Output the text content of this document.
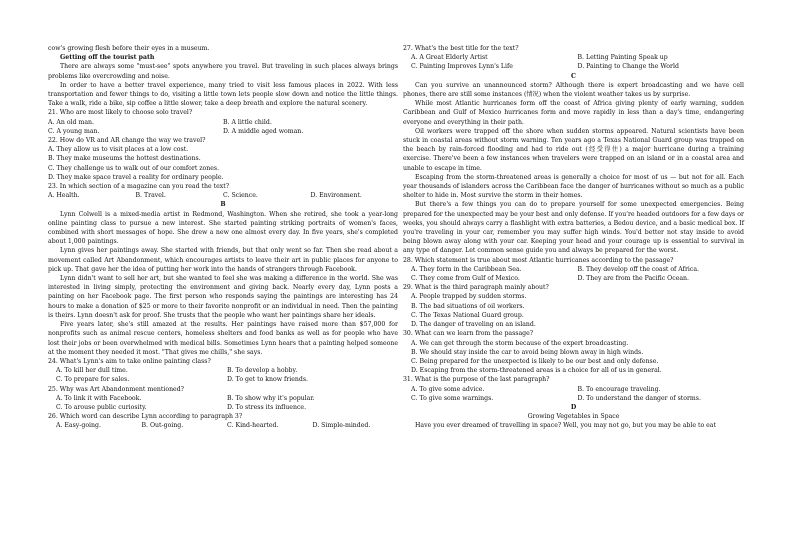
cow's growing flesh before their eyes in a museum.

Getting off the tourist path

There are always some "must-see" spots anywhere you travel. But traveling in such places always brings problems like overcrowding and noise.

In order to have a better travel experience, many tried to visit less famous places in 2022. With less transportation and fewer things to do, visiting a little town lets people slow down and notice the little things. Take a walk, ride a bike, sip coffee a little slower, take a deep breath and explore the natural scenery.

21. Who are most likely to choose solo travel?

A. An old man.	B. A little child.
C. A young man.	D. A middle aged woman.

22. How do VR and AR change the way we travel?

A. They allow us to visit places at a low cost.

B. They make museums the hottest destinations.

C. They challenge us to walk out of our comfort zones.

D. They make space travel a reality for ordinary people.

23. In which section of a magazine can you read the text?

A. Health.	B. Travel.	C. Science.	D. Environment.

B

Lynn Colwell is a mixed-media artist in Redmond, Washington. When she retired, she took a year-long online painting class to pursue a new interest. She started painting striking portraits of women's faces, combined with short messages of hope. She drew a new one almost every day. In five years, she's completed about 1,000 paintings.

Lynn gives her paintings away. She started with friends, but that only went so far. Then she read about a movement called Art Abandonment, which encourages artists to leave their art in public places for anyone to pick up. That gave her the idea of putting her work into the hands of strangers through Facebook.

Lynn didn't want to sell her art, but she wanted to feel she was making a difference in the world. She was interested in living simply, protecting the environment and giving back. Nearly every day, Lynn posts a painting on her Facebook page. The first person who responds saying the paintings are interesting has 24 hours to make a donation of $25 or more to their favorite nonprofit or an individual in need. Then the painting is theirs. Lynn doesn't ask for proof. She trusts that the people who want her paintings share her ideals.

Five years later, she's still amazed at the results. Her paintings have raised more than $57,000 for nonprofits such as animal rescue centers, homeless shelters and food banks as well as for people who have lost their jobs or been overwhelmed with medical bills. Sometimes Lynn hears that a painting helped someone at the moment they needed it most. "That gives me chills," she says.

24. What's Lynn's aim to take online painting class?

A. To kill her dull time.	B. To develop a hobby.
C. To prepare for sales.	D. To get to know friends.

25. Why was Art Abandonment mentioned?

A. To link it with Facebook.	B. To show why it's popular.
C. To arouse public curiosity.	D. To stress its influence.

26. Which word can describe Lynn according to paragraph 3?

A. Easy-going.	B. Out-going.	C. Kind-hearted.	D. Simple-minded.

27. What's the best title for the text?

A. A Great Elderly Artist	B. Letting Painting Speak up
C. Painting Improves Lynn's Life	D. Painting to Change the World

C

Can you survive an unannounced storm? Although there is expert broadcasting and we have cell phones, there are still some instances (情况) when the violent weather takes us by surprise.

While most Atlantic hurricanes form off the coast of Africa giving plenty of early warning, sudden Caribbean and Gulf of Mexico hurricanes form and move rapidly in less than a day's time, endangering everyone and everything in their path.

Oil workers were trapped off the shore when sudden storms appeared. Natural scientists have been stuck in coastal areas without storm warning. Ten years ago a Texas National Guard group was trapped on the beach by rain-forced flooding and had to ride out (经受得住) a major hurricane during a training exercise. There've been a few instances when travelers were trapped on an island or in a coastal area and unable to escape in time.

Escaping from the storm-threatened areas is generally a choice for most of us — but not for all. Each year thousands of islanders across the Caribbean face the danger of hurricanes without so much as a public shelter to hide in. Most survive the storm in their homes.

But there's a few things you can do to prepare yourself for some unexpected emergencies. Being prepared for the unexpected may be your best and only defense. If you're headed outdoors for a few days or weeks, you should always carry a flashlight with extra batteries, a Bedou device, and a basic medical box. If you're traveling in your car, remember you may suffer high winds. You'd better not stay inside to avoid being blown away along with your car. Keeping your head and your courage up is essential to survival in any type of danger. Let common sense guide you and always be prepared for the worst.

28. Which statement is true about most Atlantic hurricanes according to the passage?

A. They form in the Caribbean Sea.	B. They develop off the coast of Africa.
C. They come from Gulf of Mexico.	D. They are from the Pacific Ocean.

29. What is the third paragraph mainly about?

A. People trapped by sudden storms.

B. The bad situations of oil workers.

C. The Texas National Guard group.

D. The danger of traveling on an island.

30. What can we learn from the passage?

A. We can get through the storm because of the expert broadcasting.

B. We should stay inside the car to avoid being blown away in high winds.

C. Being prepared for the unexpected is likely to be our best and only defense.

D. Escaping from the storm-threatened areas is a choice for all of us in general.

31. What is the purpose of the last paragraph?

A. To give some advice.	B. To encourage traveling.
C. To give some warnings.	D. To understand the danger of storms.

D

Growing Vegetables in Space

Have you ever dreamed of travelling in space? Well, you may not go, but you may be able to eat
